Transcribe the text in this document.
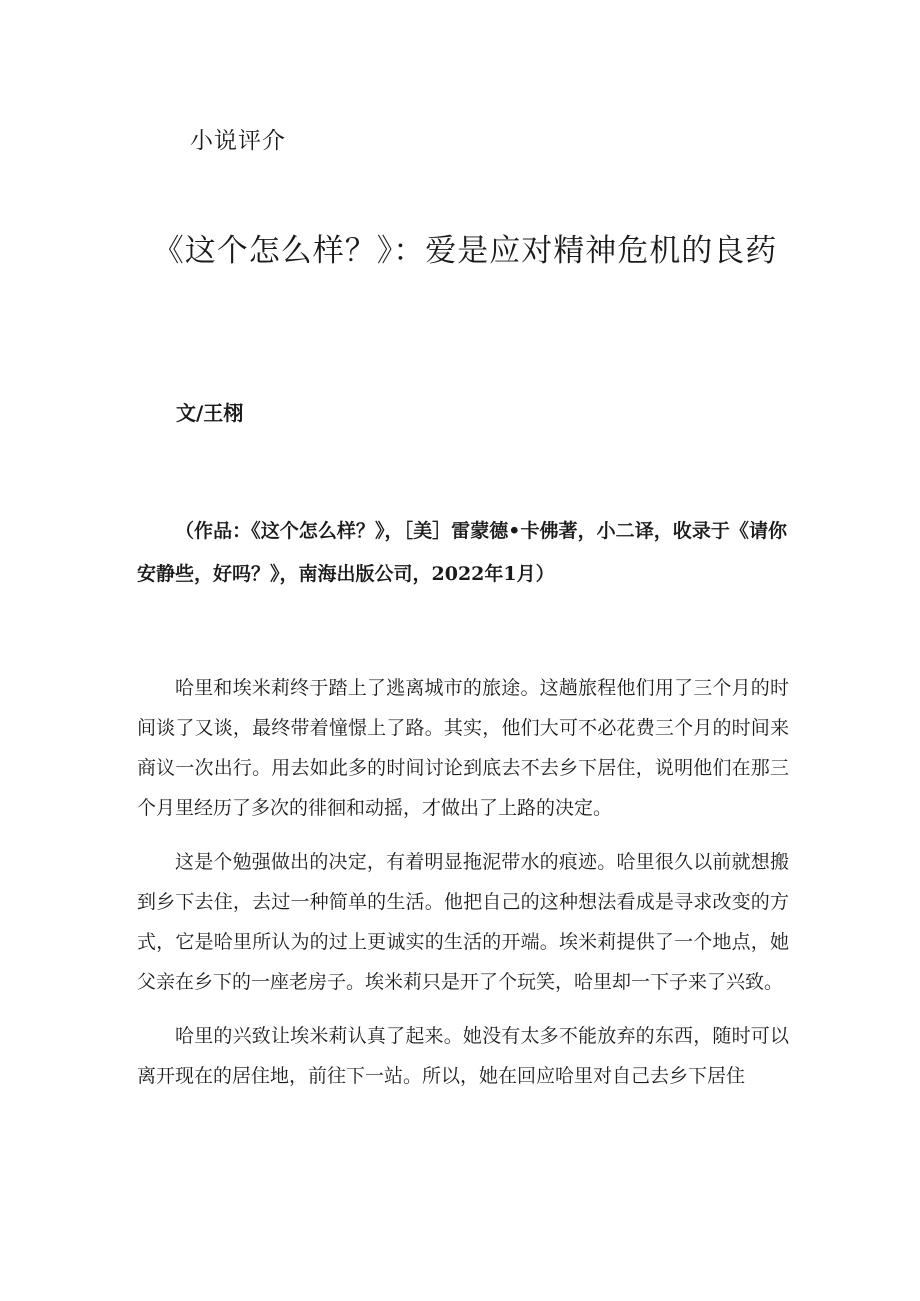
小说评介
《这个怎么样？》：爱是应对精神危机的良药
文/王栩
（作品：《这个怎么样？》，［美］雷蒙德•卡佛著，小二译，收录于《请你安静些，好吗？》，南海出版公司，2022年1月）

哈里和埃米莉终于踏上了逃离城市的旅途。这趟旅程他们用了三个月的时间谈了又谈，最终带着憧憬上了路。其实，他们大可不必花费三个月的时间来商议一次出行。用去如此多的时间讨论到底去不去乡下居住，说明他们在那三个月里经历了多次的徘徊和动摇，才做出了上路的决定。

这是个勉强做出的决定，有着明显拖泥带水的痕迹。哈里很久以前就想搬到乡下去住，去过一种简单的生活。他把自己的这种想法看成是寻求改变的方式，它是哈里所认为的过上更诚实的生活的开端。埃米莉提供了一个地点，她父亲在乡下的一座老房子。埃米莉只是开了个玩笑，哈里却一下子来了兴致。

哈里的兴致让埃米莉认真了起来。她没有太多不能放弃的东西，随时可以离开现在的居住地，前往下一站。所以，她在回应哈里对自己去乡下居住
